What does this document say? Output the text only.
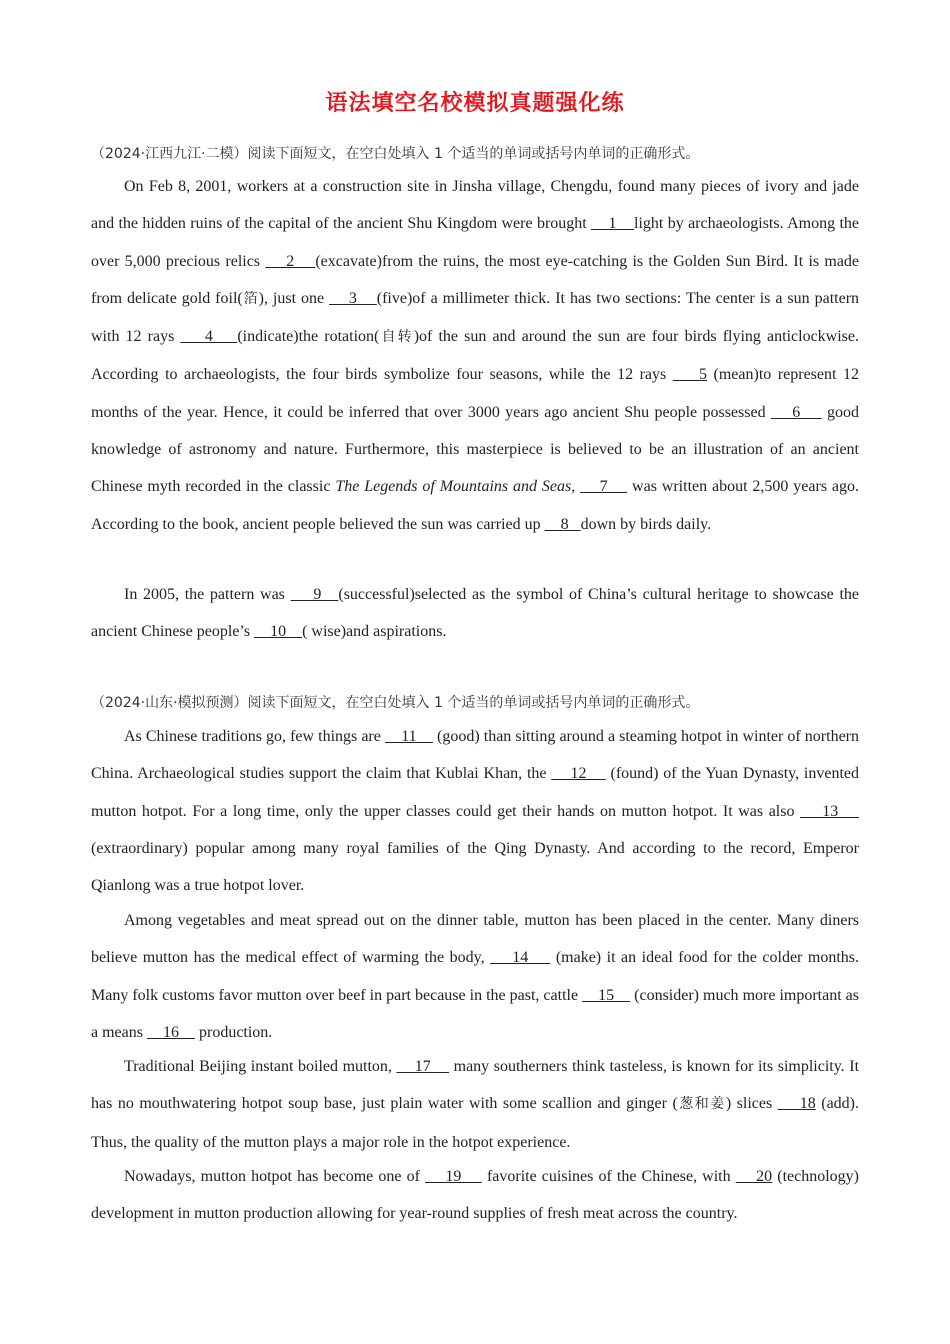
语法填空名校模拟真题强化练
（2024·江西九江·二模）阅读下面短文，在空白处填入 1 个适当的单词或括号内单词的正确形式。
On Feb 8, 2001, workers at a construction site in Jinsha village, Chengdu, found many pieces of ivory and jade and the hidden ruins of the capital of the ancient Shu Kingdom were brought     1    light by archaeologists. Among the over 5,000 precious relics     2    (excavate)from the ruins, the most eye-catching is the Golden Sun Bird. It is made from delicate gold foil(箔), just one     3    (five)of a millimeter thick. It has two sections: The center is a sun pattern with 12 rays     4    (indicate)the rotation(自转)of the sun and around the sun are four birds flying anticlockwise. According to archaeologists, the four birds symbolize four seasons, while the 12 rays     5 (mean)to represent 12 months of the year. Hence, it could be inferred that over 3000 years ago ancient Shu people possessed     6     good knowledge of astronomy and nature. Furthermore, this masterpiece is believed to be an illustration of an ancient Chinese myth recorded in the classic The Legends of Mountains and Seas,     7     was written about 2,500 years ago. According to the book, ancient people believed the sun was carried up     8   down by birds daily.
In 2005, the pattern was     9   (successful)selected as the symbol of China’s cultural heritage to showcase the ancient Chinese people’s     10    ( wise)and aspirations.
（2024·山东·模拟预测）阅读下面短文，在空白处填入 1 个适当的单词或括号内单词的正确形式。
As Chinese traditions go, few things are     11     (good) than sitting around a steaming hotpot in winter of northern China. Archaeological studies support the claim that Kublai Khan, the     12     (found) of the Yuan Dynasty, invented mutton hotpot. For a long time, only the upper classes could get their hands on mutton hotpot. It was also     13     (extraordinary) popular among many royal families of the Qing Dynasty. And according to the record, Emperor Qianlong was a true hotpot lover.
Among vegetables and meat spread out on the dinner table, mutton has been placed in the center. Many diners believe mutton has the medical effect of warming the body,     14     (make) it an ideal food for the colder months. Many folk customs favor mutton over beef in part because in the past, cattle     15     (consider) much more important as a means     16     production.
Traditional Beijing instant boiled mutton,     17     many southerners think tasteless, is known for its simplicity. It has no mouthwatering hotpot soup base, just plain water with some scallion and ginger (葱和姜) slices     18 (add). Thus, the quality of the mutton plays a major role in the hotpot experience.
Nowadays, mutton hotpot has become one of     19     favorite cuisines of the Chinese, with     20 (technology) development in mutton production allowing for year-round supplies of fresh meat across the country.
